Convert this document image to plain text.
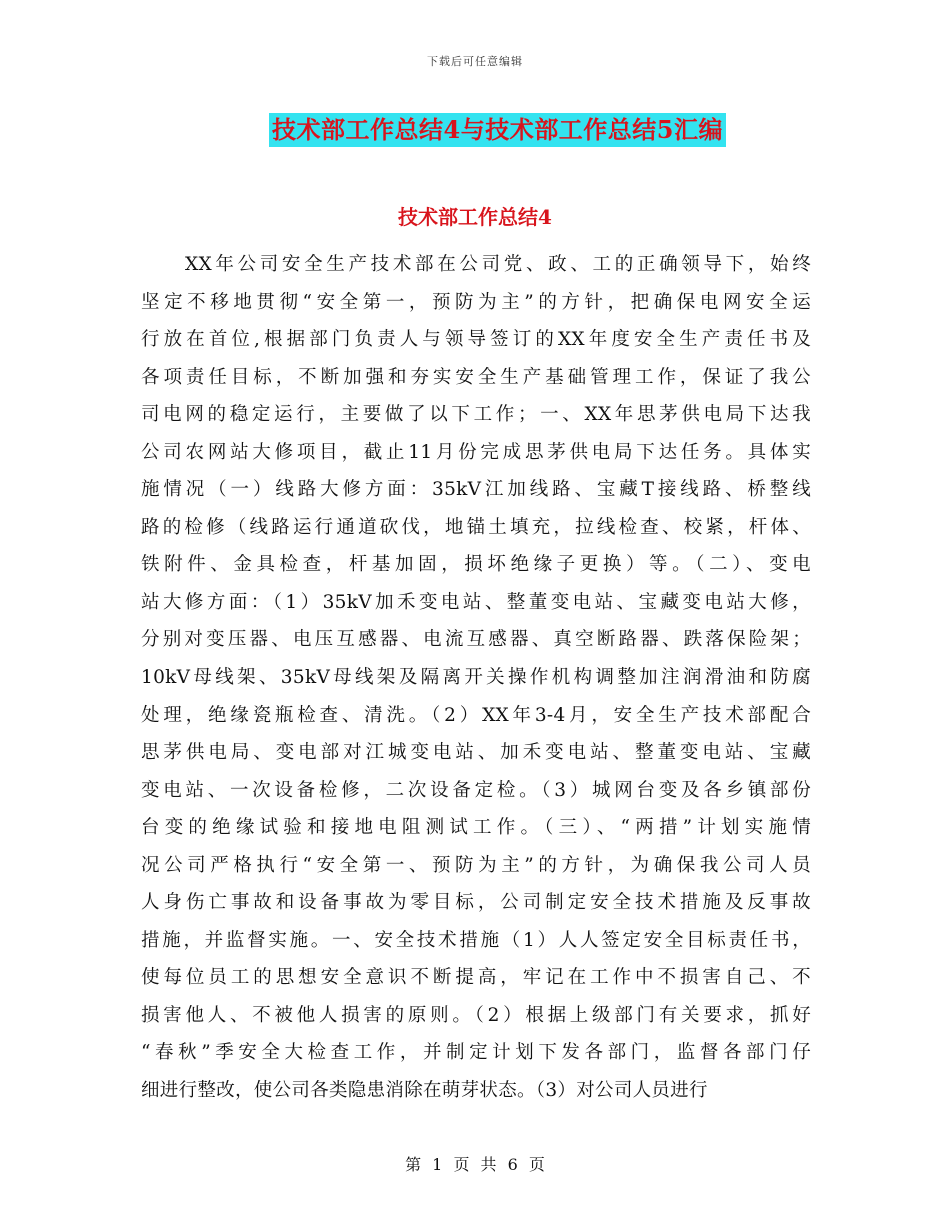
下载后可任意编辑
技术部工作总结4与技术部工作总结5汇编
技术部工作总结4
XX年公司安全生产技术部在公司党、政、工的正确领导下，始终
坚定不移地贯彻“安全第一，预防为主”的方针，把确保电网安全运
行放在首位,根据部门负责人与领导签订的XX年度安全生产责任书及
各项责任目标，不断加强和夯实安全生产基础管理工作，保证了我公
司电网的稳定运行，主要做了以下工作；一、XX年思茅供电局下达我
公司农网站大修项目，截止11月份完成思茅供电局下达任务。具体实
施情况（一）线路大修方面：35kV江加线路、宝藏T接线路、桥整线
路的检修（线路运行通道砍伐，地锚土填充，拉线检查、校紧，杆体、
铁附件、金具检查，杆基加固，损坏绝缘子更换）等。（二）、变电
站大修方面：（1）35kV加禾变电站、整董变电站、宝藏变电站大修，
分别对变压器、电压互感器、电流互感器、真空断路器、跌落保险架；
10kV母线架、35kV母线架及隔离开关操作机构调整加注润滑油和防腐
处理，绝缘瓷瓶检查、清洗。（2）XX年3-4月，安全生产技术部配合
思茅供电局、变电部对江城变电站、加禾变电站、整董变电站、宝藏
变电站、一次设备检修，二次设备定检。（3）城网台变及各乡镇部份
台变的绝缘试验和接地电阻测试工作。（三）、“两措”计划实施情
况公司严格执行“安全第一、预防为主”的方针，为确保我公司人员
人身伤亡事故和设备事故为零目标，公司制定安全技术措施及反事故
措施，并监督实施。一、安全技术措施（1）人人签定安全目标责任书，
使每位员工的思想安全意识不断提高，牢记在工作中不损害自己、不
损害他人、不被他人损害的原则。（2）根据上级部门有关要求，抓好
“春秋”季安全大检查工作，并制定计划下发各部门，监督各部门仔
细进行整改，使公司各类隐患消除在萌芽状态。（3）对公司人员进行
第 1 页 共 6 页
